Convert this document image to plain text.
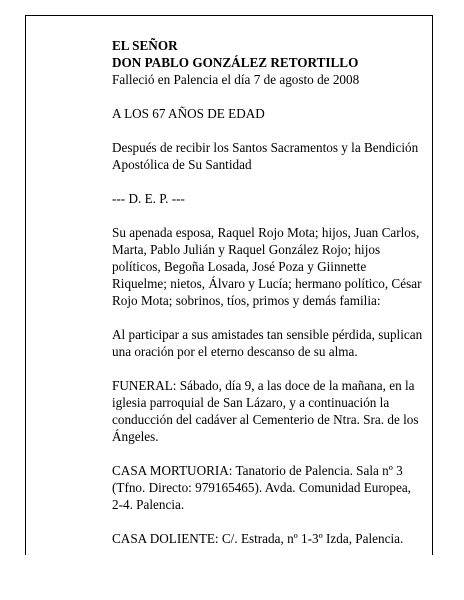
EL SEÑOR

DON PABLO GONZÁLEZ RETORTILLO

Falleció en Palencia el día 7 de agosto de 2008

A LOS 67 AÑOS DE EDAD

Después de recibir los Santos Sacramentos y la Bendición Apostólica de Su Santidad

--- D. E. P. ---

Su apenada esposa, Raquel Rojo Mota; hijos, Juan Carlos, Marta, Pablo Julián y Raquel González Rojo; hijos políticos, Begoña Losada, José Poza y Giinnette Riquelme; nietos, Álvaro y Lucía; hermano político, César Rojo Mota; sobrinos, tíos, primos y demás familia:

Al participar a sus amistades tan sensible pérdida, suplican una oración por el eterno descanso de su alma.

FUNERAL: Sábado, día 9, a las doce de la mañana, en la iglesia parroquial de San Lázaro, y a continuación la conducción del cadáver al Cementerio de Ntra. Sra. de los Ángeles.

CASA MORTUORIA: Tanatorio de Palencia. Sala nº 3 (Tfno. Directo: 979165465). Avda. Comunidad Europea, 2-4. Palencia.

CASA DOLIENTE: C/. Estrada, nº 1-3º Izda, Palencia.
